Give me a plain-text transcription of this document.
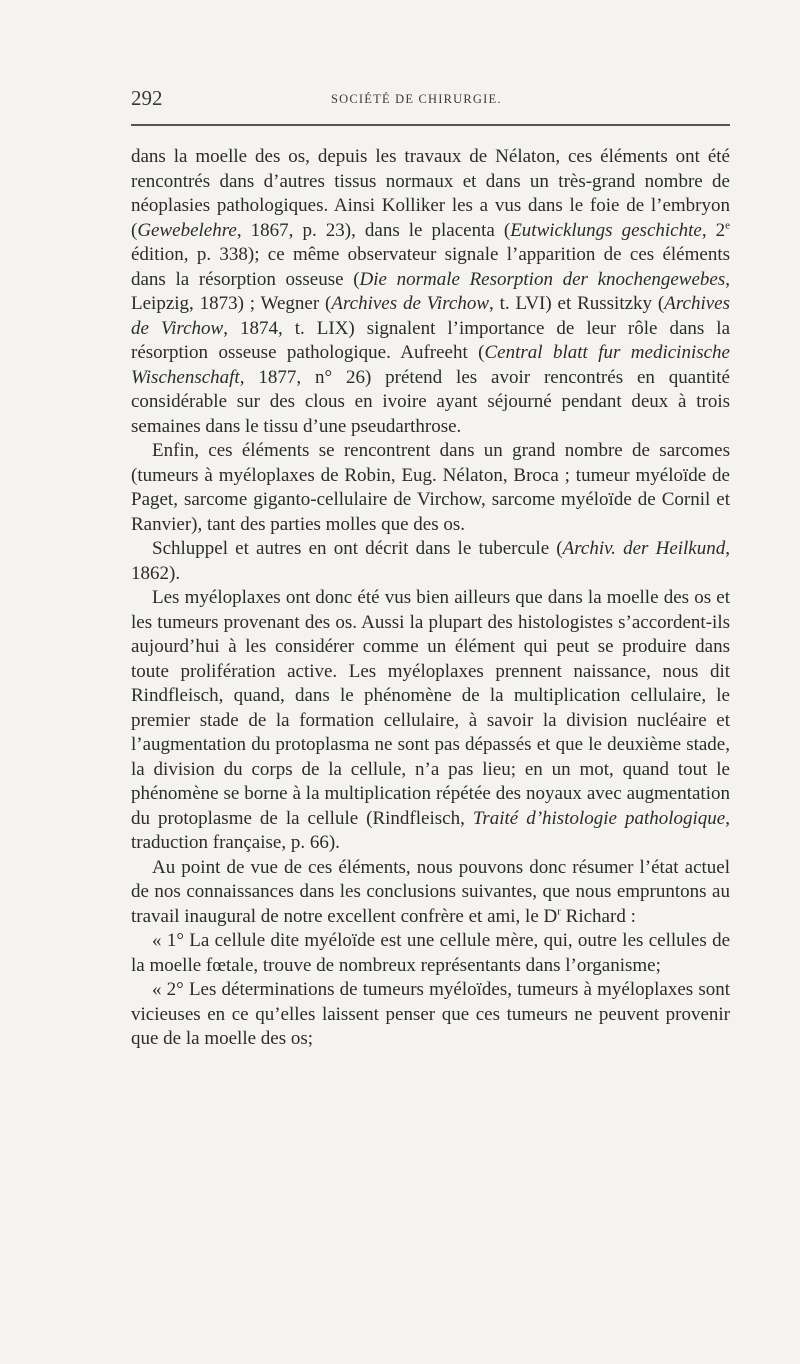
292	SOCIÉTÉ DE CHIRURGIE.

dans la moelle des os, depuis les travaux de Nélaton, ces éléments ont été rencontrés dans d’autres tissus normaux et dans un très-grand nombre de néoplasies pathologiques. Ainsi Kolliker les a vus dans le foie de l’embryon (Gewebelehre, 1867, p. 23), dans le placenta (Eutwicklungs geschichte, 2e édition, p. 338); ce même observateur signale l’apparition de ces éléments dans la résorption osseuse (Die normale Resorption der knochengewebes, Leipzig, 1873) ; Wegner (Archives de Virchow, t. LVI) et Russitzky (Archives de Virchow, 1874, t. LIX) signalent l’importance de leur rôle dans la résorption osseuse pathologique. Aufreeht (Central blatt fur medicinische Wischenschaft, 1877, n° 26) prétend les avoir rencontrés en quantité considérable sur des clous en ivoire ayant séjourné pendant deux à trois semaines dans le tissu d’une pseudarthrose.

Enfin, ces éléments se rencontrent dans un grand nombre de sarcomes (tumeurs à myéloplaxes de Robin, Eug. Nélaton, Broca ; tumeur myéloïde de Paget, sarcome giganto-cellulaire de Virchow, sarcome myéloïde de Cornil et Ranvier), tant des parties molles que des os.

Schluppel et autres en ont décrit dans le tubercule (Archiv. der Heilkund, 1862).

Les myéloplaxes ont donc été vus bien ailleurs que dans la moelle des os et les tumeurs provenant des os. Aussi la plupart des histologistes s’accordent-ils aujourd’hui à les considérer comme un élément qui peut se produire dans toute prolifération active. Les myéloplaxes prennent naissance, nous dit Rindfleisch, quand, dans le phénomène de la multiplication cellulaire, le premier stade de la formation cellulaire, à savoir la division nucléaire et l’augmentation du protoplasma ne sont pas dépassés et que le deuxième stade, la division du corps de la cellule, n’a pas lieu; en un mot, quand tout le phénomène se borne à la multiplication répétée des noyaux avec augmentation du protoplasme de la cellule (Rindfleisch, Traité d’histologie pathologique, traduction française, p. 66).

Au point de vue de ces éléments, nous pouvons donc résumer l’état actuel de nos connaissances dans les conclusions suivantes, que nous empruntons au travail inaugural de notre excellent confrère et ami, le $D^r$ Richard :

« 1° La cellule dite myéloïde est une cellule mère, qui, outre les cellules de la moelle fœtale, trouve de nombreux représentants dans l’organisme;

« 2° Les déterminations de tumeurs myéloïdes, tumeurs à myéloplaxes sont vicieuses en ce qu’elles laissent penser que ces tumeurs ne peuvent provenir que de la moelle des os;
